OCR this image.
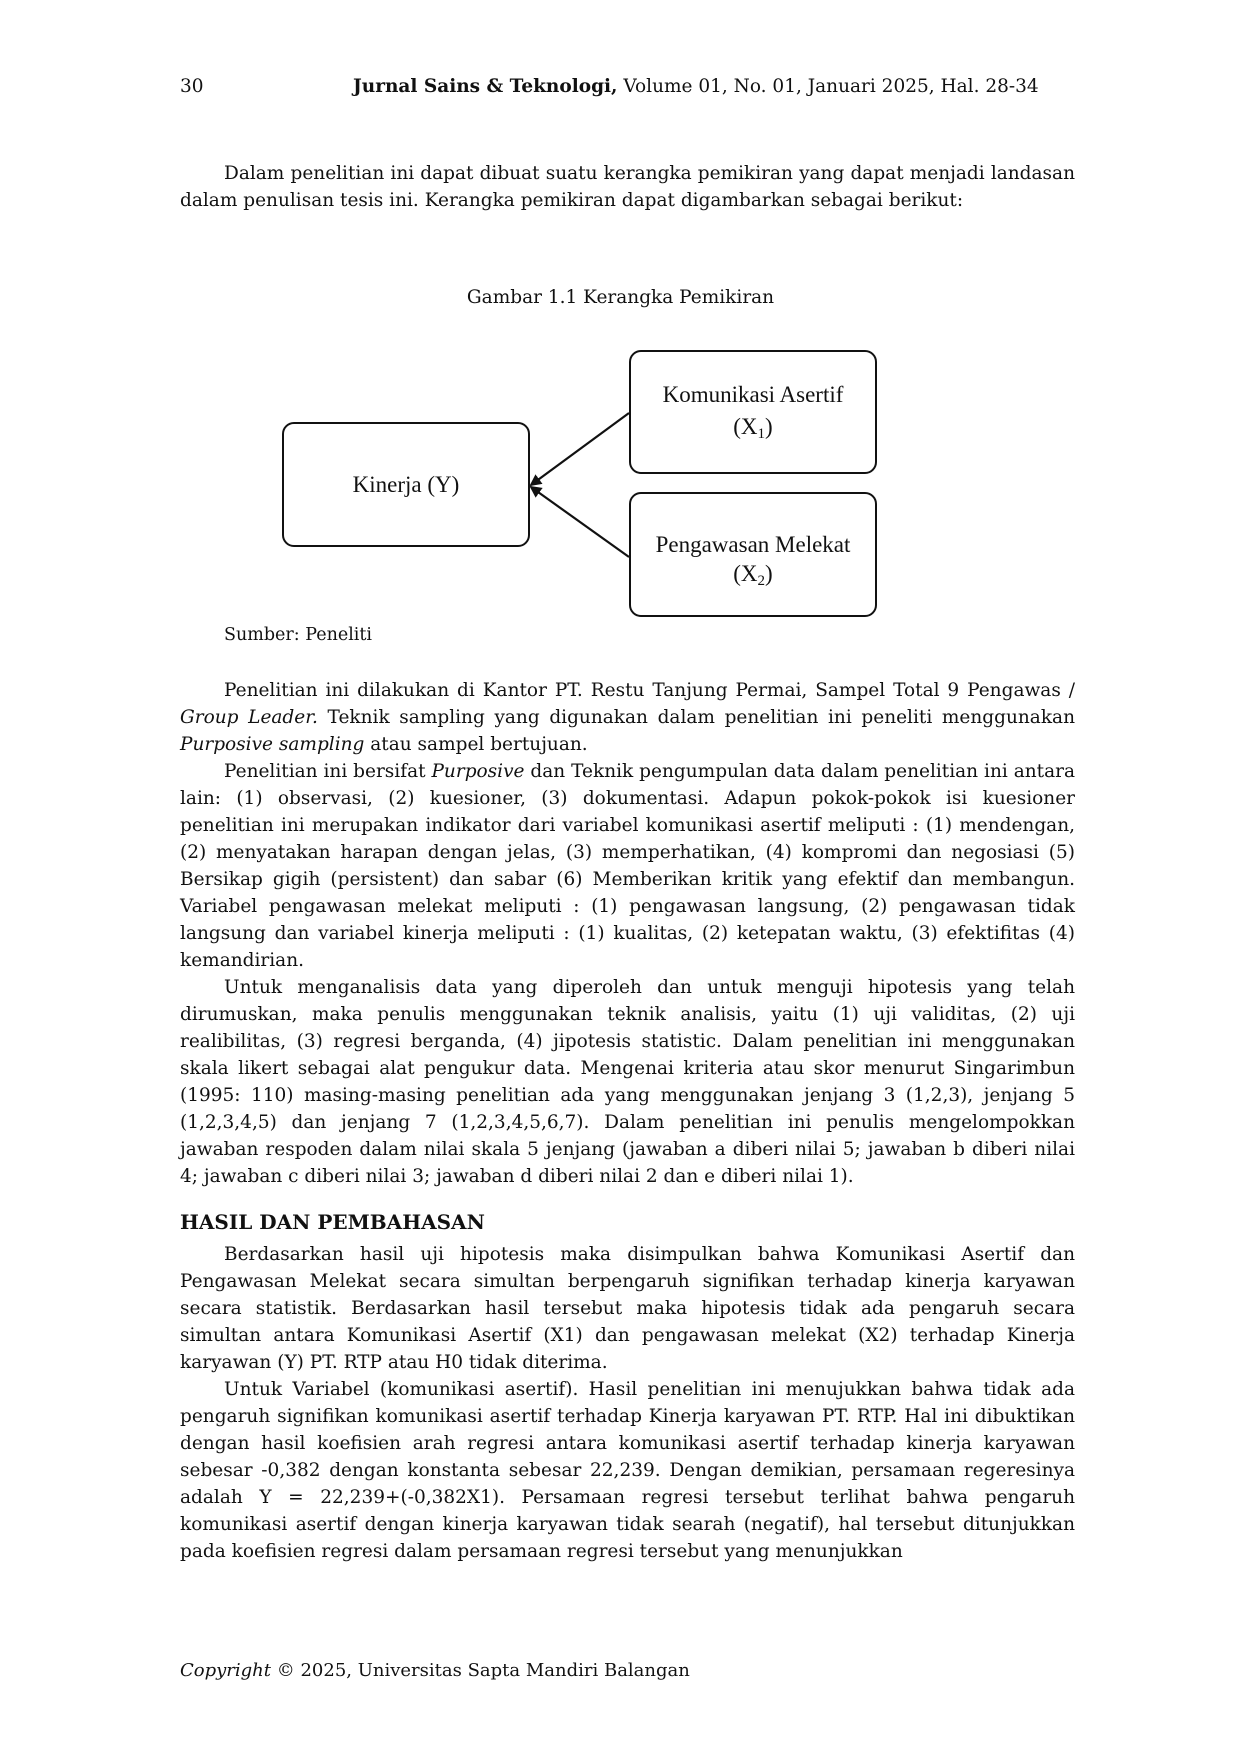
30	Jurnal Sains & Teknologi, Volume 01, No. 01, Januari 2025, Hal. 28-34

Dalam penelitian ini dapat dibuat suatu kerangka pemikiran yang dapat menjadi landasan dalam penulisan tesis ini. Kerangka pemikiran dapat digambarkan sebagai berikut:

Gambar 1.1 Kerangka Pemikiran
Kinerja (Y)
Komunikasi Asertif
$(X_1)$
Pengawasan Melekat
$(X_2)$
Sumber: Peneliti

Penelitian ini dilakukan di Kantor PT. Restu Tanjung Permai, Sampel Total 9 Pengawas / Group Leader. Teknik sampling yang digunakan dalam penelitian ini peneliti menggunakan Purposive sampling atau sampel bertujuan.

Penelitian ini bersifat Purposive dan Teknik pengumpulan data dalam penelitian ini antara lain: (1) observasi, (2) kuesioner, (3) dokumentasi. Adapun pokok-pokok isi kuesioner penelitian ini merupakan indikator dari variabel komunikasi asertif meliputi : (1) mendengan, (2) menyatakan harapan dengan jelas, (3) memperhatikan, (4) kompromi dan negosiasi (5) Bersikap gigih (persistent) dan sabar (6) Memberikan kritik yang efektif dan membangun. Variabel pengawasan melekat meliputi : (1) pengawasan langsung, (2) pengawasan tidak langsung dan variabel kinerja meliputi : (1) kualitas, (2) ketepatan waktu, (3) efektifitas (4) kemandirian.

Untuk menganalisis data yang diperoleh dan untuk menguji hipotesis yang telah dirumuskan, maka penulis menggunakan teknik analisis, yaitu (1) uji validitas, (2) uji realibilitas, (3) regresi berganda, (4) jipotesis statistic. Dalam penelitian ini menggunakan skala likert sebagai alat pengukur data. Mengenai kriteria atau skor menurut Singarimbun (1995: 110) masing-masing penelitian ada yang menggunakan jenjang 3 (1,2,3), jenjang 5 (1,2,3,4,5) dan jenjang 7 (1,2,3,4,5,6,7). Dalam penelitian ini penulis mengelompokkan jawaban respoden dalam nilai skala 5 jenjang (jawaban a diberi nilai 5; jawaban b diberi nilai 4; jawaban c diberi nilai 3; jawaban d diberi nilai 2 dan e diberi nilai 1).

HASIL DAN PEMBAHASAN

Berdasarkan hasil uji hipotesis maka disimpulkan bahwa Komunikasi Asertif dan Pengawasan Melekat secara simultan berpengaruh signifikan terhadap kinerja karyawan secara statistik. Berdasarkan hasil tersebut maka hipotesis tidak ada pengaruh secara simultan antara Komunikasi Asertif (X1) dan pengawasan melekat (X2) terhadap Kinerja karyawan (Y) PT. RTP atau H0 tidak diterima.

Untuk Variabel (komunikasi asertif). Hasil penelitian ini menujukkan bahwa tidak ada pengaruh signifikan komunikasi asertif terhadap Kinerja karyawan PT. RTP. Hal ini dibuktikan dengan hasil koefisien arah regresi antara komunikasi asertif terhadap kinerja karyawan sebesar -0,382 dengan konstanta sebesar 22,239. Dengan demikian, persamaan regeresinya adalah Y = 22,239+(-0,382X1). Persamaan regresi tersebut terlihat bahwa pengaruh komunikasi asertif dengan kinerja karyawan tidak searah (negatif), hal tersebut ditunjukkan pada koefisien regresi dalam persamaan regresi tersebut yang menunjukkan

Copyright © 2025, Universitas Sapta Mandiri Balangan
